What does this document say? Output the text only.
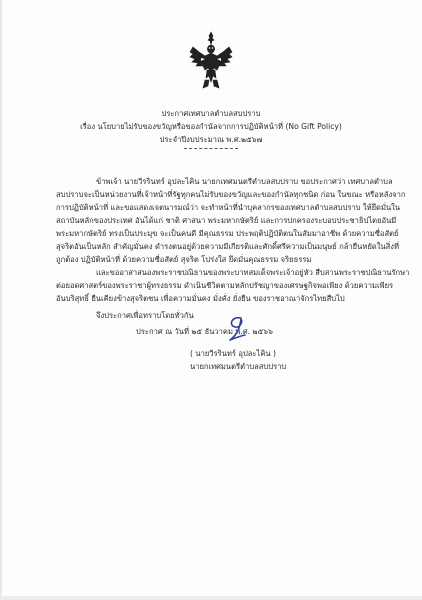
ประกาศเทศบาลตำบลสบปราบ
เรื่อง นโยบายไม่รับของขวัญหรือของกำนัลจากการปฏิบัติหน้าที่ (No Gift Policy)
ประจำปีงบประมาณ พ.ศ.๒๕๖๗
ข้าพเจ้า นายวีรรินทร์ อุปละไคิน นายกเทศมนตรีตำบลสบปราบ ขอประกาศว่า เทศบาลตำบล
สบปราบจะเป็นหน่วยงานที่เจ้าหน้าที่รัฐทุกคนไม่รับของขวัญและของกำนัลทุกชนิด ก่อน ในขณะ หรือหลังจาก
การปฏิบัติหน้าที่ และขอแสดงเจตนารมณ์ว่า จะทำหน้าที่นำบุคลากรของเทศบาลตำบลสบปราบ ให้ยึดมั่นใน
สถาบันหลักของประเทศ อันได้แก่ ชาติ ศาสนา พระมหากษัตริย์ และการปกครองระบอบประชาธิปไตยอันมี
พระมหากษัตริย์ ทรงเป็นประมุข จะเป็นคนดี มีคุณธรรม ประพฤติปฏิบัติตนในสัมมาอาชีพ ด้วยความซื่อสัตย์
สุจริตอันเป็นหลัก สำคัญมั่นคง ดำรงตนอยู่ด้วยความมีเกียรติและศักดิ์ศรีความเป็นมนุษย์ กล้ายืนหยัดในสิ่งที่
ถูกต้อง ปฏิบัติหน้าที่ ด้วยความซื่อสัตย์ สุจริต โปร่งใส ยึดมั่นคุณธรรม จริยธรรม
และขออาสาสนองพระราชปณิธานของพระบาทสมเด็จพระเจ้าอยู่หัว สืบสานพระราชปณิธานรักษา
ต่อยอดศาสตร์ของพระราชาผู้ทรงธรรม ดำเนินชีวิตตามหลักปรัชญาของเศรษฐกิจพอเพียง ด้วยความเพียร
อันบริสุทธิ์ ยืนเคียงข้างสุจริตชน เพื่อความมั่นคง มั่งคั่ง ยั่งยืน ของราชอาณาจักรไทยสืบไป
จึงประกาศเพื่อทราบโดยทั่วกัน
ประกาศ ณ วันที่ ๒๕ ธันวาคม พ.ศ. ๒๕๖๖
( นายวีรรินทร์ อุปละไคิน )
นายกเทศมนตรีตำบลสบปราบ
